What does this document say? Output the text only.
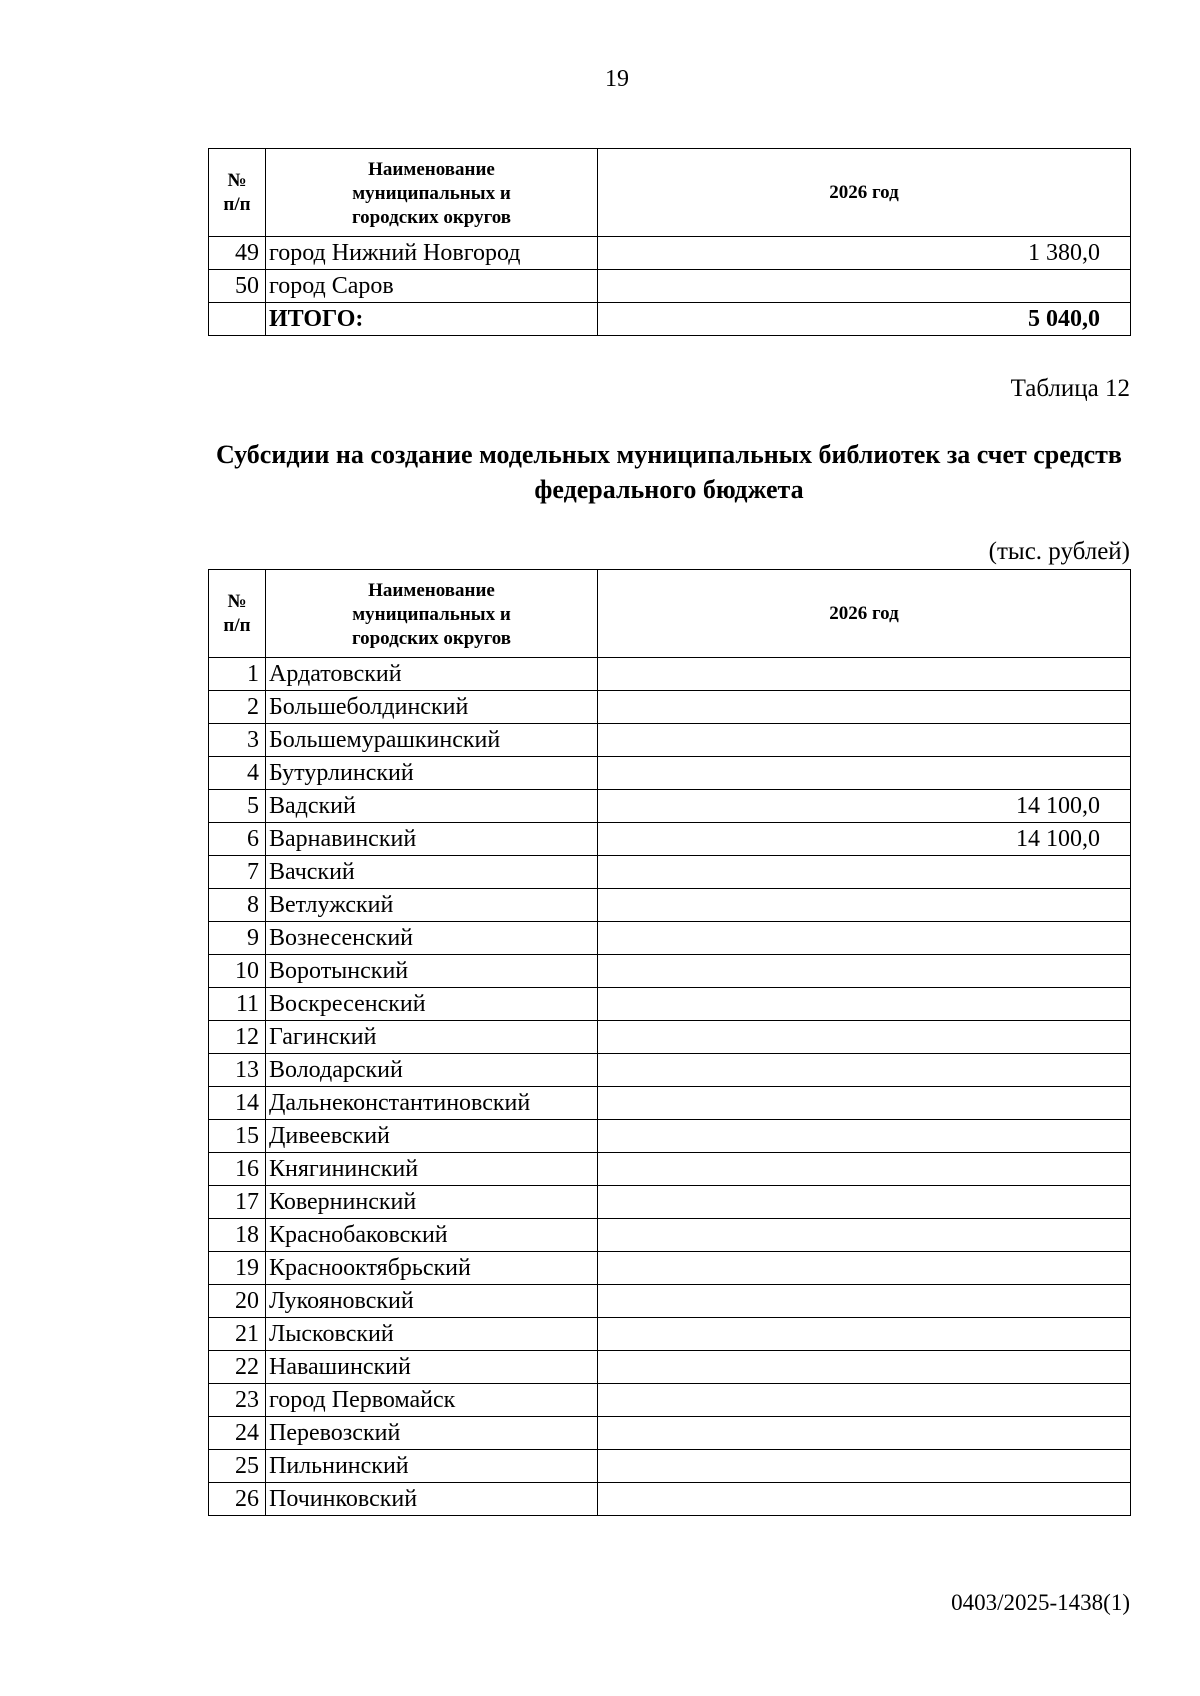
19
№ п/п	Наименование муниципальных и городских округов	2026 год
49	город Нижний Новгород	1 380,0
50	город Саров	
	ИТОГО:	5 040,0
Таблица 12
Субсидии на создание модельных муниципальных библиотек за счет средств федерального бюджета
(тыс. рублей)
№ п/п	Наименование муниципальных и городских округов	2026 год
1	Ардатовский	
2	Большеболдинский	
3	Большемурашкинский	
4	Бутурлинский	
5	Вадский	14 100,0
6	Варнавинский	14 100,0
7	Вачский	
8	Ветлужский	
9	Вознесенский	
10	Воротынский	
11	Воскресенский	
12	Гагинский	
13	Володарский	
14	Дальнеконстантиновский	
15	Дивеевский	
16	Княгининский	
17	Ковернинский	
18	Краснобаковский	
19	Краснооктябрьский	
20	Лукояновский	
21	Лысковский	
22	Навашинский	
23	город Первомайск	
24	Перевозский	
25	Пильнинский	
26	Починковский	
0403/2025-1438(1)
